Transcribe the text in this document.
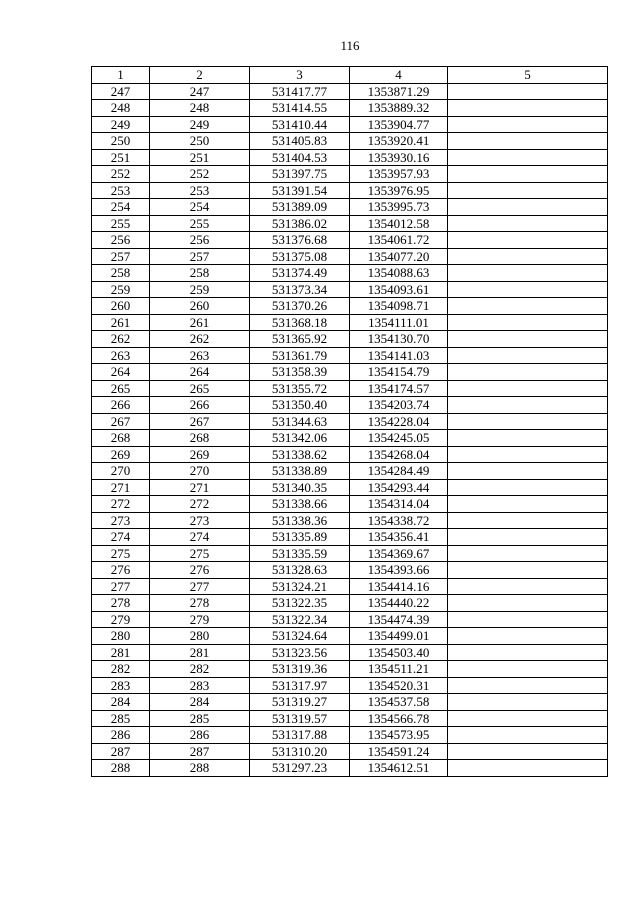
116
1	2	3	4	5
247	247	531417.77	1353871.29	
248	248	531414.55	1353889.32	
249	249	531410.44	1353904.77	
250	250	531405.83	1353920.41	
251	251	531404.53	1353930.16	
252	252	531397.75	1353957.93	
253	253	531391.54	1353976.95	
254	254	531389.09	1353995.73	
255	255	531386.02	1354012.58	
256	256	531376.68	1354061.72	
257	257	531375.08	1354077.20	
258	258	531374.49	1354088.63	
259	259	531373.34	1354093.61	
260	260	531370.26	1354098.71	
261	261	531368.18	1354111.01	
262	262	531365.92	1354130.70	
263	263	531361.79	1354141.03	
264	264	531358.39	1354154.79	
265	265	531355.72	1354174.57	
266	266	531350.40	1354203.74	
267	267	531344.63	1354228.04	
268	268	531342.06	1354245.05	
269	269	531338.62	1354268.04	
270	270	531338.89	1354284.49	
271	271	531340.35	1354293.44	
272	272	531338.66	1354314.04	
273	273	531338.36	1354338.72	
274	274	531335.89	1354356.41	
275	275	531335.59	1354369.67	
276	276	531328.63	1354393.66	
277	277	531324.21	1354414.16	
278	278	531322.35	1354440.22	
279	279	531322.34	1354474.39	
280	280	531324.64	1354499.01	
281	281	531323.56	1354503.40	
282	282	531319.36	1354511.21	
283	283	531317.97	1354520.31	
284	284	531319.27	1354537.58	
285	285	531319.57	1354566.78	
286	286	531317.88	1354573.95	
287	287	531310.20	1354591.24	
288	288	531297.23	1354612.51	
